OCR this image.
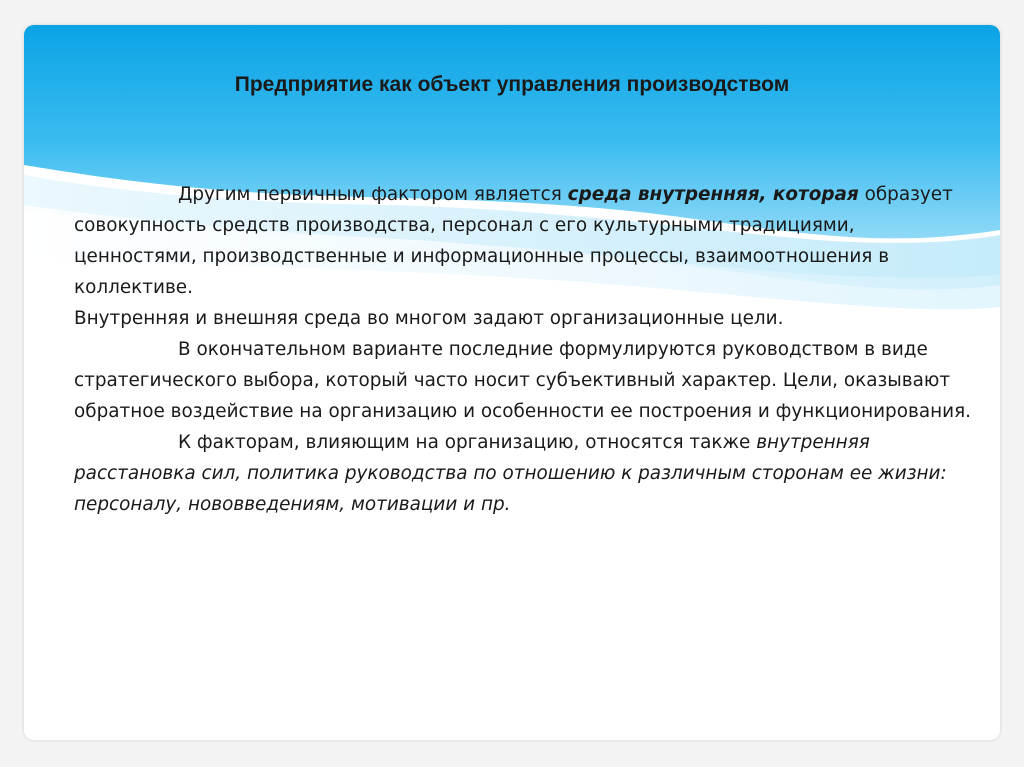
Предприятие как объект управления производством

Другим первичным фактором является среда внутренняя, которая образует совокупность средств производства, персонал с его культурными традициями, ценностями, производственные и информационные процессы, взаимоотношения в коллективе.

Внутренняя и внешняя среда во многом задают организационные цели.

В окончательном варианте последние формулируются руководством в виде стратегического выбора, который часто носит субъективный характер. Цели, оказывают обратное воздействие на организацию и особенности ее построения и функционирования.

К факторам, влияющим на организацию, относятся также внутренняя расстановка сил, политика руководства по отношению к различным сторонам ее жизни: персоналу, нововведениям, мотивации и пр.
